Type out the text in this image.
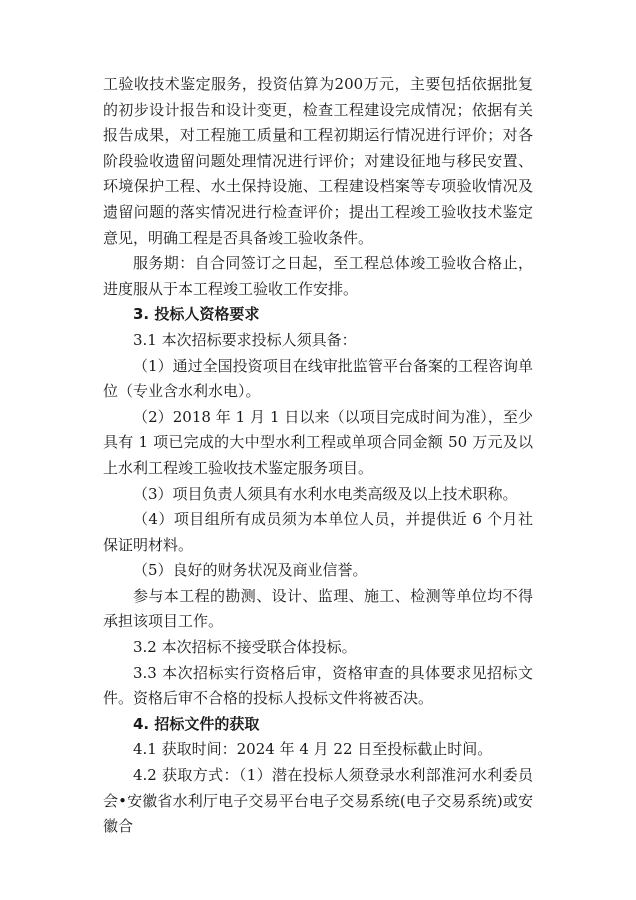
工验收技术鉴定服务，投资估算为200万元，主要包括依据批复的初步设计报告和设计变更，检查工程建设完成情况；依据有关报告成果，对工程施工质量和工程初期运行情况进行评价；对各阶段验收遗留问题处理情况进行评价；对建设征地与移民安置、环境保护工程、水土保持设施、工程建设档案等专项验收情况及遗留问题的落实情况进行检查评价；提出工程竣工验收技术鉴定意见，明确工程是否具备竣工验收条件。

服务期：自合同签订之日起，至工程总体竣工验收合格止，进度服从于本工程竣工验收工作安排。

3. 投标人资格要求

3.1 本次招标要求投标人须具备：

（1）通过全国投资项目在线审批监管平台备案的工程咨询单位（专业含水利水电）。

（2）2018 年 1 月 1 日以来（以项目完成时间为准），至少具有 1 项已完成的大中型水利工程或单项合同金额 50 万元及以上水利工程竣工验收技术鉴定服务项目。

（3）项目负责人须具有水利水电类高级及以上技术职称。

（4）项目组所有成员须为本单位人员，并提供近 6 个月社保证明材料。

（5）良好的财务状况及商业信誉。

参与本工程的勘测、设计、监理、施工、检测等单位均不得承担该项目工作。

3.2 本次招标不接受联合体投标。

3.3 本次招标实行资格后审，资格审查的具体要求见招标文件。资格后审不合格的投标人投标文件将被否决。

4. 招标文件的获取

4.1 获取时间：2024 年 4 月 22 日至投标截止时间。

4.2 获取方式：（1）潜在投标人须登录水利部淮河水利委员会•安徽省水利厅电子交易平台电子交易系统(电子交易系统)或安徽合
